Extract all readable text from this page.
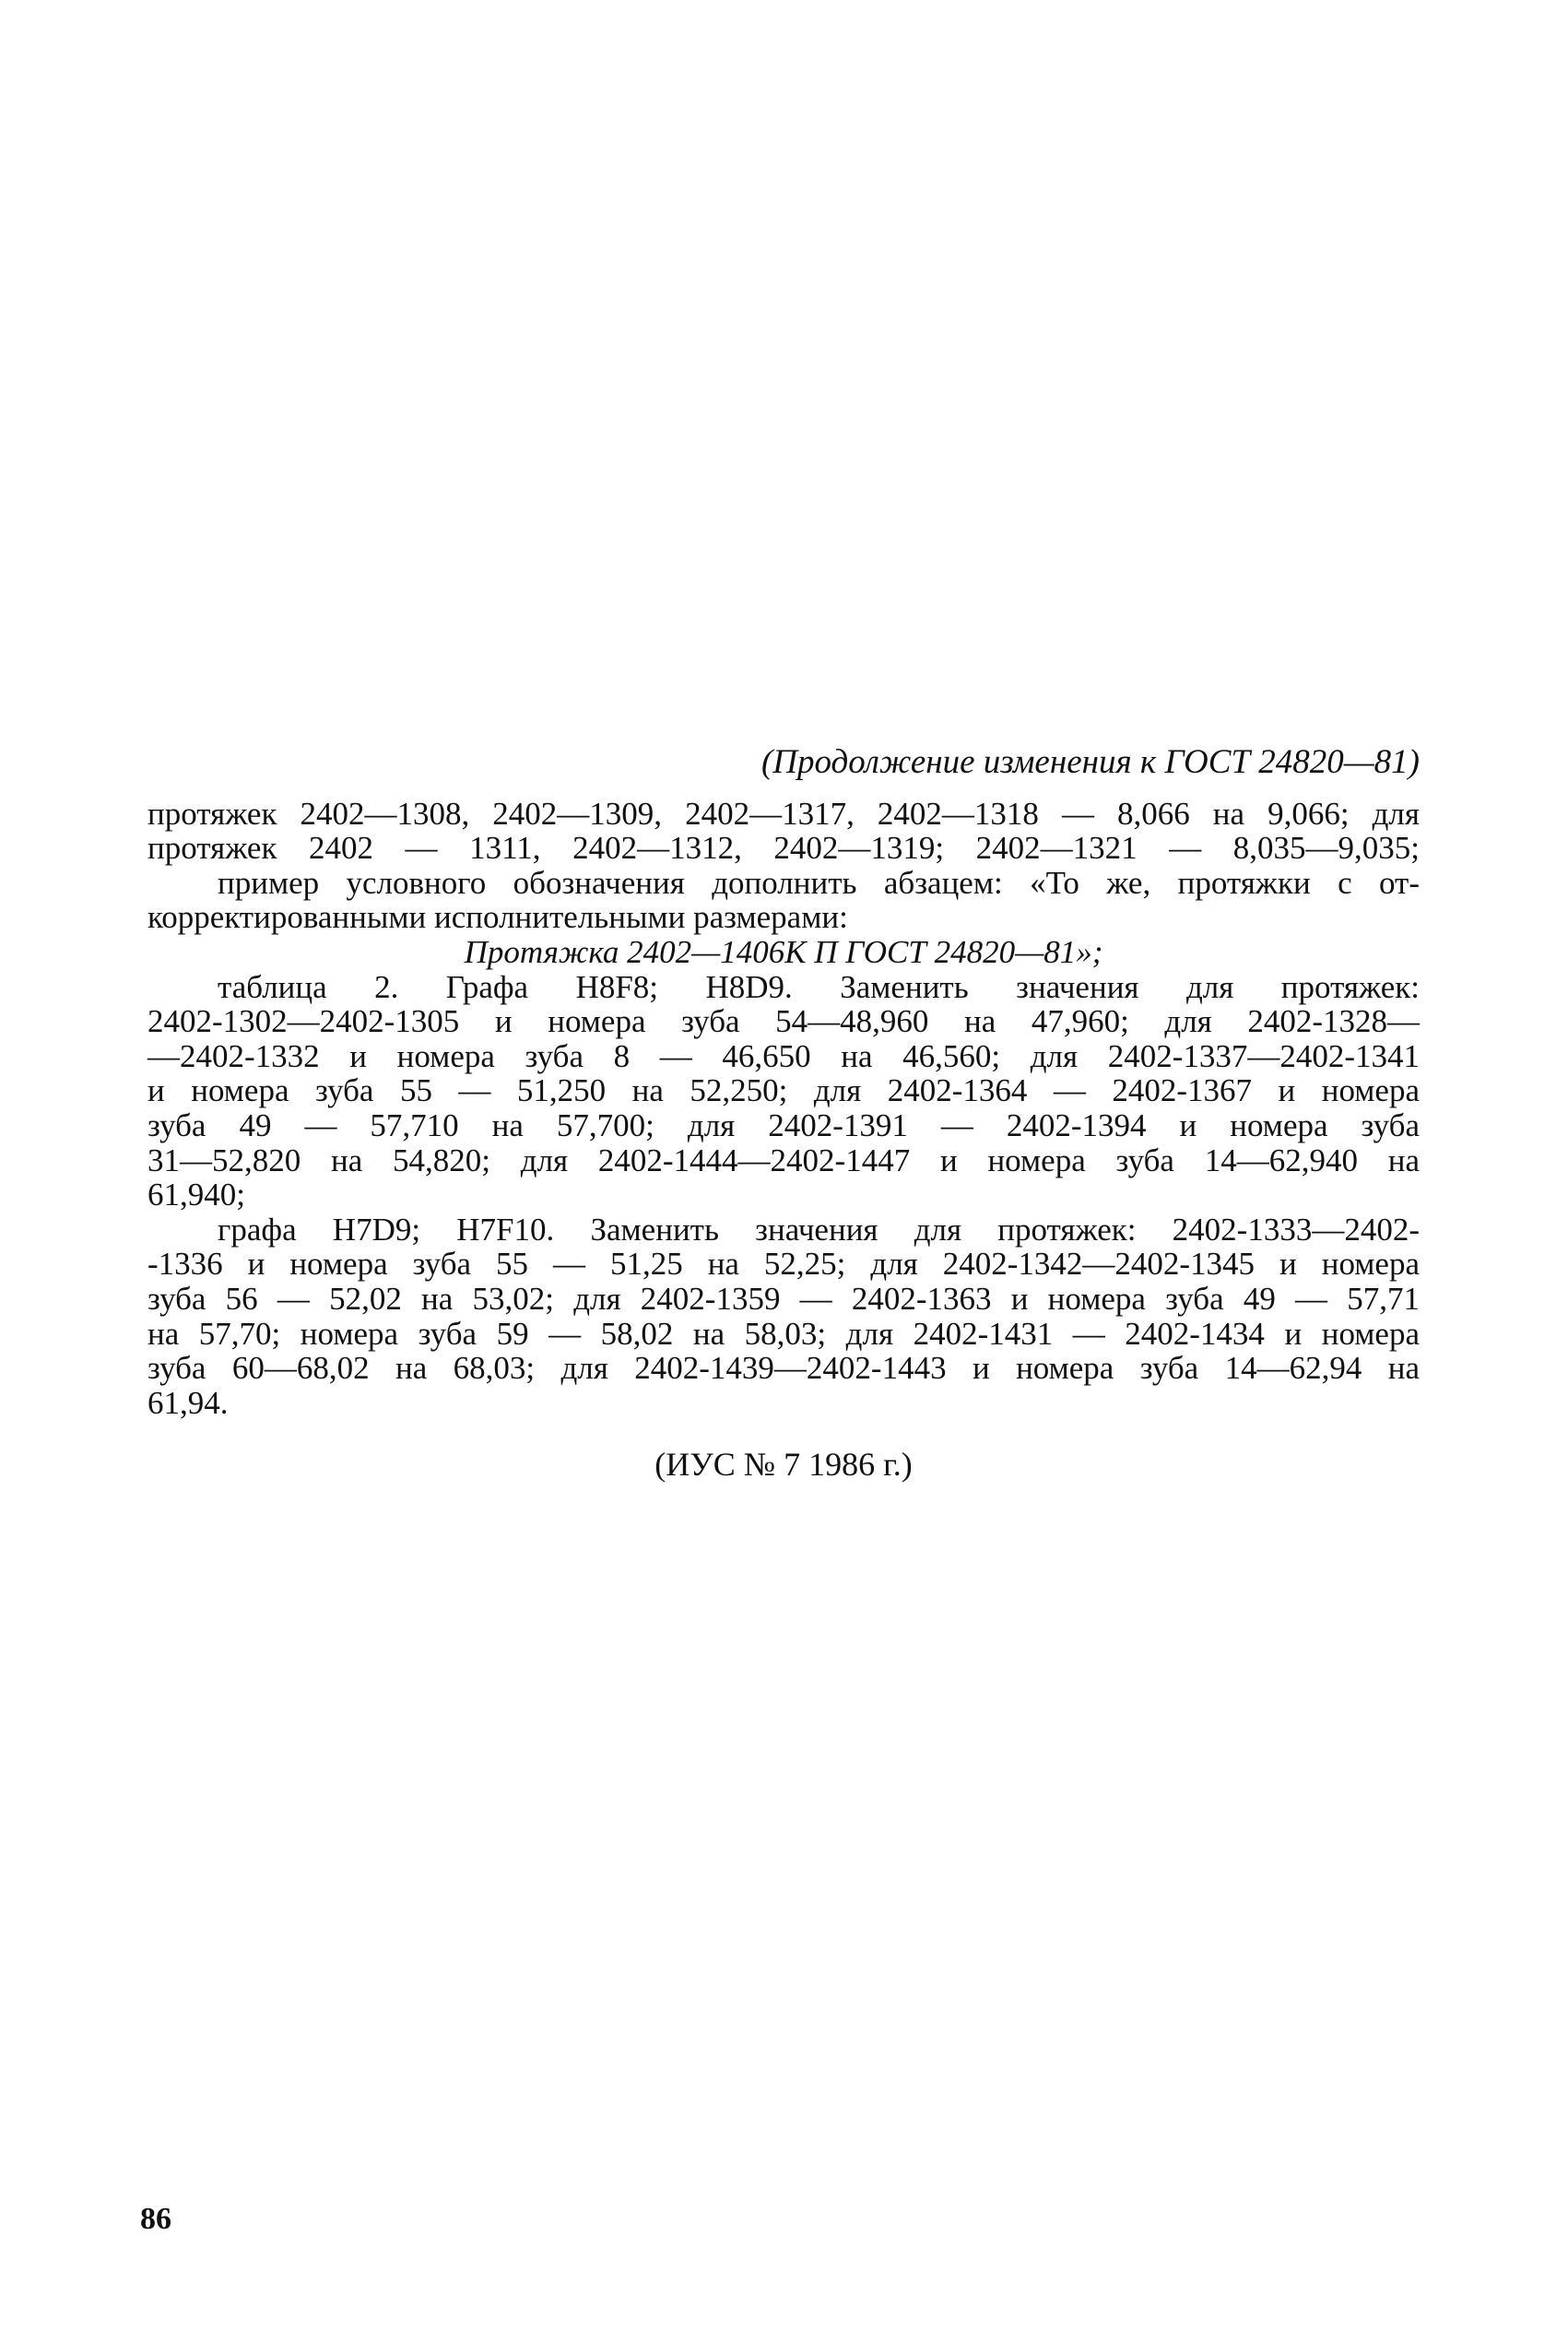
(Продолжение изменения к ГОСТ 24820—81)
протяжек 2402—1308, 2402—1309, 2402—1317, 2402—1318 — 8,066 на 9,066; для
протяжек 2402 — 1311, 2402—1312, 2402—1319; 2402—1321 — 8,035—9,035;
пример условного обозначения дополнить абзацем: «То же, протяжки с от-
корректированными исполнительными размерами:
Протяжка 2402—1406К П ГОСТ 24820—81»;
таблица 2. Графа Н8F8; Н8D9. Заменить значения для протяжек:
2402-1302—2402-1305 и номера зуба 54—48,960 на 47,960; для 2402-1328—
—2402-1332 и номера зуба 8 — 46,650 на 46,560; для 2402-1337—2402-1341
и номера зуба 55 — 51,250 на 52,250; для 2402-1364 — 2402-1367 и номера
зуба 49 — 57,710 на 57,700; для 2402-1391 — 2402-1394 и номера зуба
31—52,820 на 54,820; для 2402-1444—2402-1447 и номера зуба 14—62,940 на
61,940;
графа Н7D9; Н7F10. Заменить значения для протяжек: 2402-1333—2402-
-1336 и номера зуба 55 — 51,25 на 52,25; для 2402-1342—2402-1345 и номера
зуба 56 — 52,02 на 53,02; для 2402-1359 — 2402-1363 и номера зуба 49 — 57,71
на 57,70; номера зуба 59 — 58,02 на 58,03; для 2402-1431 — 2402-1434 и номера
зуба 60—68,02 на 68,03; для 2402-1439—2402-1443 и номера зуба 14—62,94 на
61,94.
(ИУС № 7 1986 г.)
86
